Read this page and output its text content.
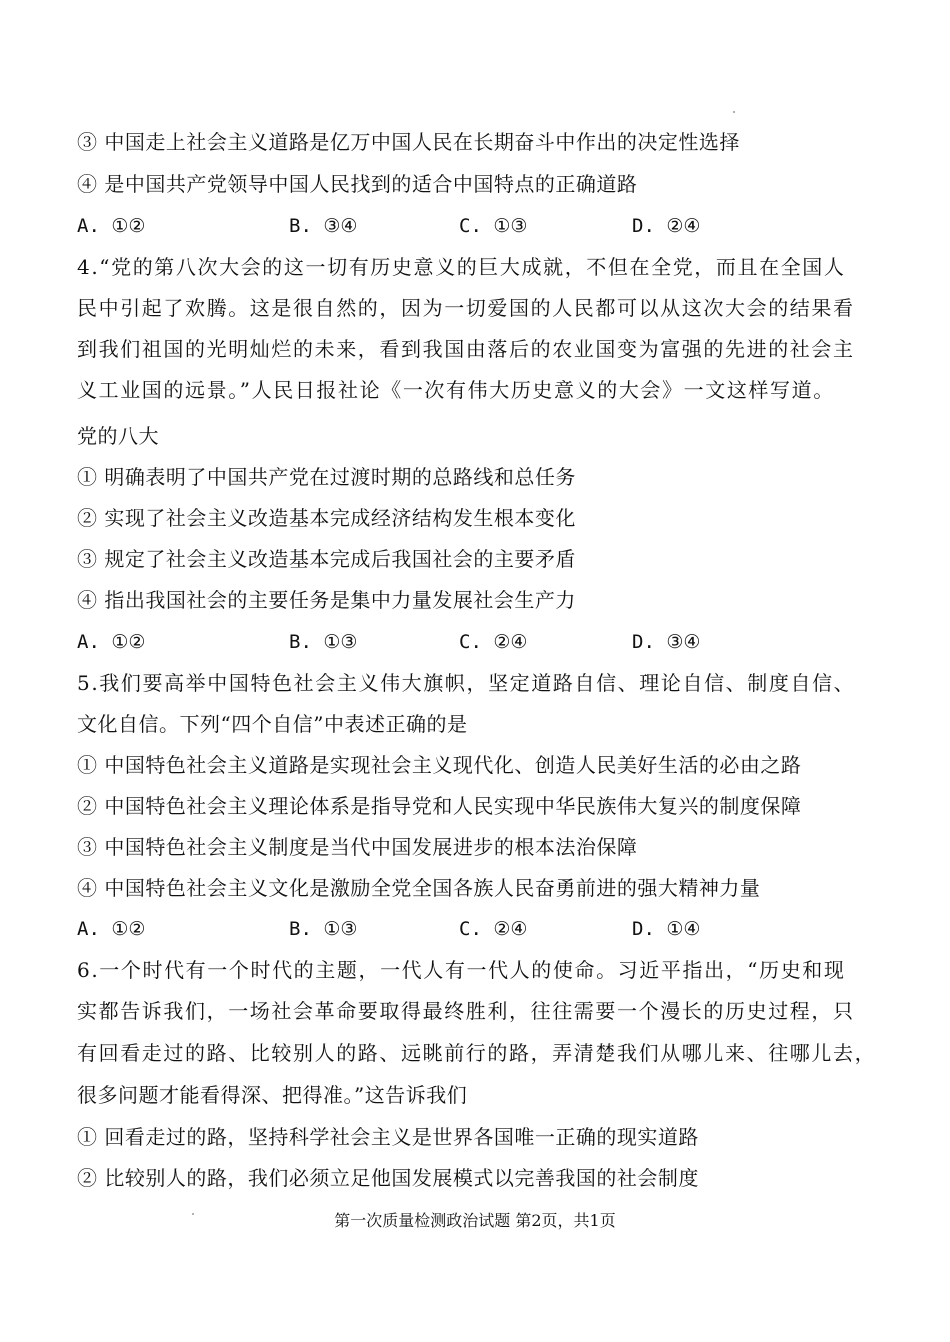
③ 中国走上社会主义道路是亿万中国人民在长期奋斗中作出的决定性选择
④ 是中国共产党领导中国人民找到的适合中国特点的正确道路
A. ①②	B. ③④	C. ①③	D. ②④
4.“党的第八次大会的这一切有历史意义的巨大成就，不但在全党，而且在全国人
民中引起了欢腾。这是很自然的，因为一切爱国的人民都可以从这次大会的结果看
到我们祖国的光明灿烂的未来，看到我国由落后的农业国变为富强的先进的社会主
义工业国的远景。”人民日报社论《一次有伟大历史意义的大会》一文这样写道。
党的八大
① 明确表明了中国共产党在过渡时期的总路线和总任务
② 实现了社会主义改造基本完成经济结构发生根本变化
③ 规定了社会主义改造基本完成后我国社会的主要矛盾
④ 指出我国社会的主要任务是集中力量发展社会生产力
A. ①②	B. ①③	C. ②④	D. ③④
5.我们要高举中国特色社会主义伟大旗帜，坚定道路自信、理论自信、制度自信、
文化自信。下列“四个自信”中表述正确的是
① 中国特色社会主义道路是实现社会主义现代化、创造人民美好生活的必由之路
② 中国特色社会主义理论体系是指导党和人民实现中华民族伟大复兴的制度保障
③ 中国特色社会主义制度是当代中国发展进步的根本法治保障
④ 中国特色社会主义文化是激励全党全国各族人民奋勇前进的强大精神力量
A. ①②	B. ①③	C. ②④	D. ①④
6.一个时代有一个时代的主题，一代人有一代人的使命。习近平指出，“历史和现
实都告诉我们，一场社会革命要取得最终胜利，往往需要一个漫长的历史过程，只
有回看走过的路、比较别人的路、远眺前行的路，弄清楚我们从哪儿来、往哪儿去，
很多问题才能看得深、把得准。”这告诉我们
① 回看走过的路，坚持科学社会主义是世界各国唯一正确的现实道路
② 比较别人的路，我们必须立足他国发展模式以完善我国的社会制度
第一次质量检测政治试题 第2页，共1页
